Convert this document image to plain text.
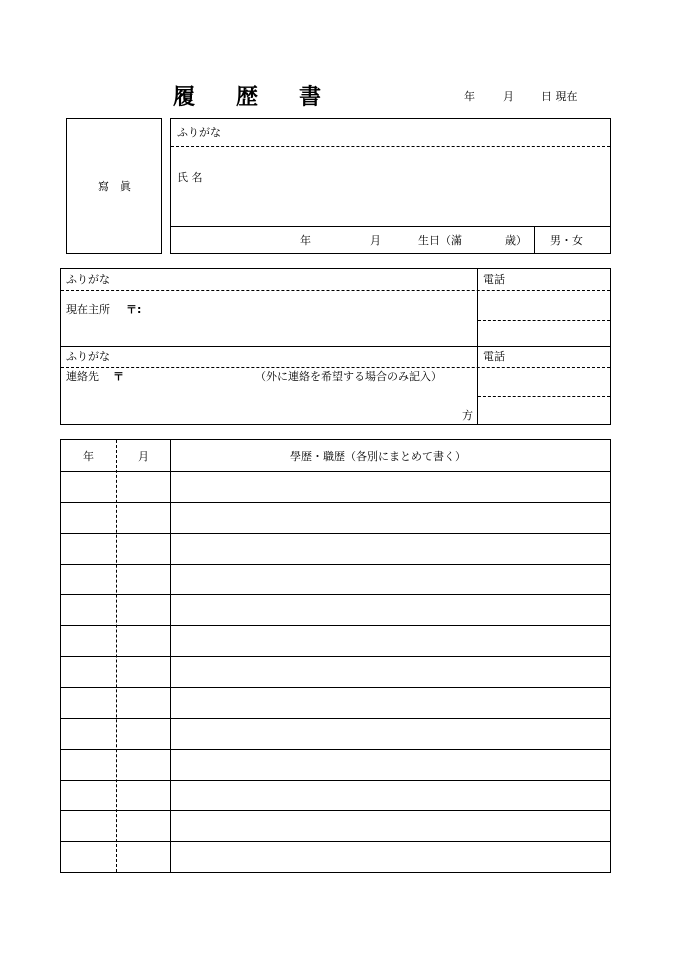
履 歴 書	年	月 日 現在
寫　眞
ふりがな
氏 名
年	月	生日（滿	歳） 男・女
ふりがな	電話
現在主所 〒:
ふりがな	電話
連絡先 〒	（外に連絡を希望する場合のみ記入）
方
年	月	學歴・職歴（各別にまとめて書く）
